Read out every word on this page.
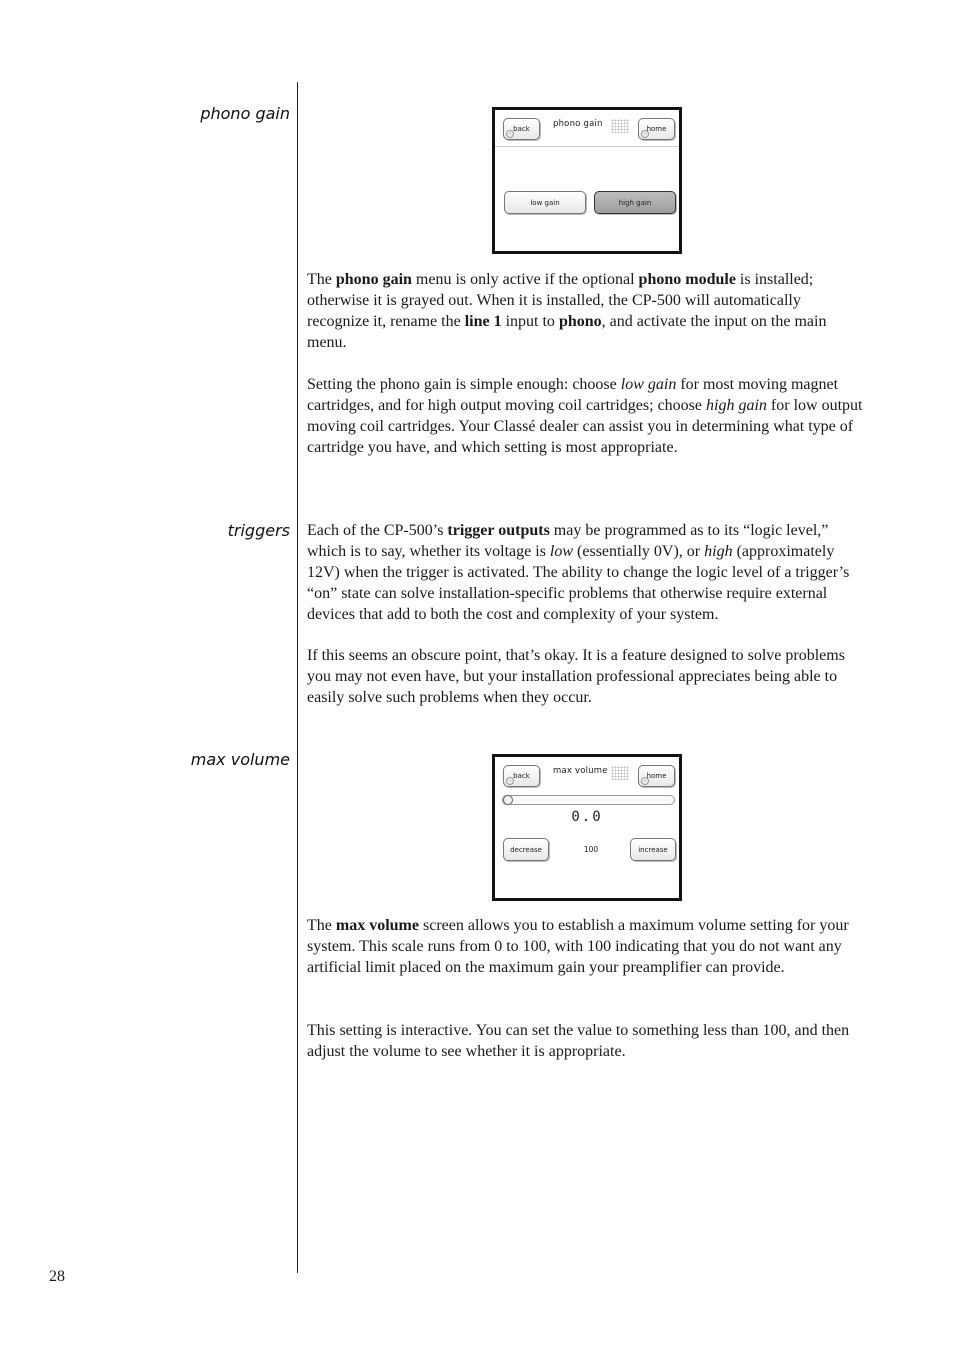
phono gain
back
‹
phono gain	home
‹
low gain	high gain

The phono gain menu is only active if the optional phono module is installed; otherwise it is grayed out. When it is installed, the CP-500 will automatically recognize it, rename the line 1 input to phono, and activate the input on the main menu.

Setting the phono gain is simple enough: choose low gain for most moving magnet cartridges, and for high output moving coil cartridges; choose high gain for low output moving coil cartridges. Your Classé dealer can assist you in determining what type of cartridge you have, and which setting is most appropriate.

triggers Each of the CP-500’s trigger outputs may be programmed as to its “logic level,” which is to say, whether its voltage is low (essentially 0V), or high (approximately 12V) when the trigger is activated. The ability to change the logic level of a trigger’s “on” state can solve installation-specific problems that otherwise require external devices that add to both the cost and complexity of your system.

If this seems an obscure point, that’s okay. It is a feature designed to solve problems you may not even have, but your installation professional appreciates being able to easily solve such problems when they occur.

max volume
back
‹
max volume	home
‹
0.0
decrease	100	increase

The max volume screen allows you to establish a maximum volume setting for your system. This scale runs from 0 to 100, with 100 indicating that you do not want any artificial limit placed on the maximum gain your preamplifier can provide.

This setting is interactive. You can set the value to something less than 100, and then adjust the volume to see whether it is appropriate.

28
